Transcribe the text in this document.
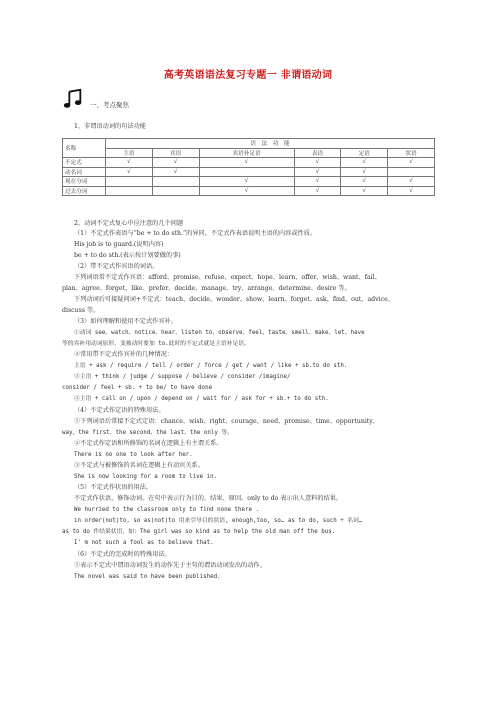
高考英语语法复习专题一 非谓语动词
一、考点聚焦
1、非谓语动词的句法功能
名称	语　法　功　能					
	主语	宾语	宾语补足语	表语	定语	状语
不定式	√	√	√	√	√	√
动名词	√	√		√	√	
现在分词			√	√	√	√
过去分词			√	√	√	√
2、动词不定式复心中应注意的几个问题
（1）不定式作表语与“be + to do sth.”的异同。不定式作表语说明主语的内容或性质。
His job is to guard.(说明内容)
be + to do sth.(表示按计划要做的事)
（2）带不定式作宾语的词语。
下列词语常不定式作宾语：afford、promise、refuse、expect、hope、learn、offer、wish、want、fail、
plan、agree、forget、like、prefer、decide、manage、try、arrange、determine、desire 等。
下列动词后可接疑问词+不定式：teach、decide、wonder、show、learn、forget、ask、find、out、advice、
discuss 等。
（3）如何理解和使用不定式作宾补。
①动词 see、watch、notice、hear、listen to、observe、feel、taste、smell、make、let、have
等的宾补用动词原形，变被动时要加 to.此时的不定式就是主语补足语。
②常用带不定式作宾补的几种情况：
主语 + ask / require / tell / order / force / get / want / like + sb.to do sth.
③主语 + think / judge / suppose / believe / consider /imagine/
consider / feel + sb. + to be/ to have done
④主语 + call on / upon / depend on / wait for / ask for + sb.+ to do sth.
（4）不定式作定语的特殊用法。
①下列词语后常接不定式定语：chance、wish、right、courage、need、promise、time、opportunity、
way、the first、the second、the last、the only 等。
②不定式作定语和所修饰的名词在逻辑上有主谓关系。
There is no one to look after her.
③不定式与被修饰的名词在逻辑上有动宾关系。
She is now looking for a room to live in.
（5）不定式作状语的用法。
不定式作状语，修饰动词，在句中表示行为目的、结果、原因。only to do 表示出人意料的结果。
We hurried to the classroom only to find none there .
in order(not)to, so as(not)to 用来引导目的状语, enough,too, so… as to do, such + 名词…
as to do 作结果状语，如：The girl was so kind as to help the old man off the bus.
I' m not such a fool as to believe that.
（6）不定式的完成时的特殊用法。
①表示不定式中谓语动词发生的动作先于主句的谓语动词发出的动作。
The novel was said to have been published.
